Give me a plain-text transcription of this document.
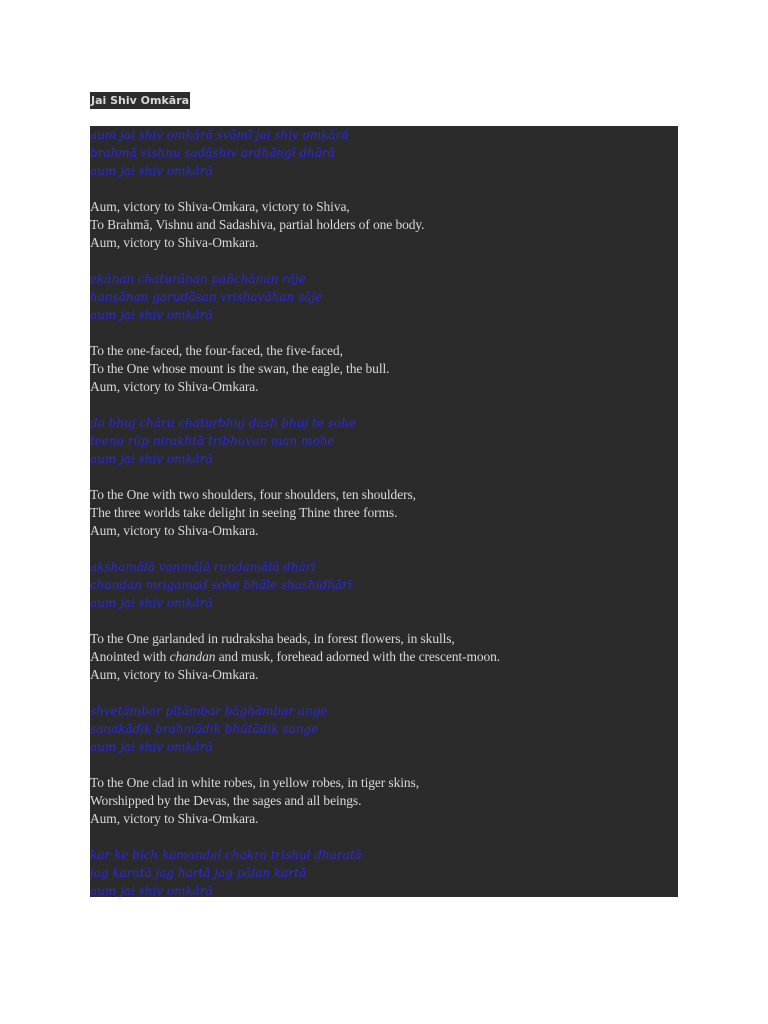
Jai Shiv Omkāra
aum jai shiv omkārā svāmī jai shiv omkārā
brahmā vishnu sadāshiv ardhāngī dhārā
aum jai shiv omkārā
Aum, victory to Shiva-Omkara, victory to Shiva,
To Brahmā, Vishnu and Sadashiva, partial holders of one body.
Aum, victory to Shiva-Omkara.
ekānan chaturānan pañchānan rāje
hansānan garudāsan vrishavāhan sāje
aum jai shiv omkārā
To the one-faced, the four-faced, the five-faced,
To the One whose mount is the swan, the eagle, the bull.
Aum, victory to Shiva-Omkara.
do bhuj chāru chaturbhuj dash bhuj te sohe
teeno rūp nirakhtā tribhuvan man mohe
aum jai shiv omkārā
To the One with two shoulders, four shoulders, ten shoulders,
The three worlds take delight in seeing Thine three forms.
Aum, victory to Shiva-Omkara.
akshamālā vanmālā rundamālā dhārī
chandan mrigamad sohe bhāle shashidhārī
aum jai shiv omkārā
To the One garlanded in rudraksha beads, in forest flowers, in skulls,
Anointed with chandan and musk, forehead adorned with the crescent-moon.
Aum, victory to Shiva-Omkara.
shvetāmbar pītāmbar bāghāmbar ange
sanakādik brahmādik bhūtādik sange
aum jai shiv omkārā
To the One clad in white robes, in yellow robes, in tiger skins,
Worshipped by the Devas, the sages and all beings.
Aum, victory to Shiva-Omkara.
kar ke bīch kamandal chakra trishul dharatā
jag karatā jag hartā jag pālan kartā
aum jai shiv omkārā
